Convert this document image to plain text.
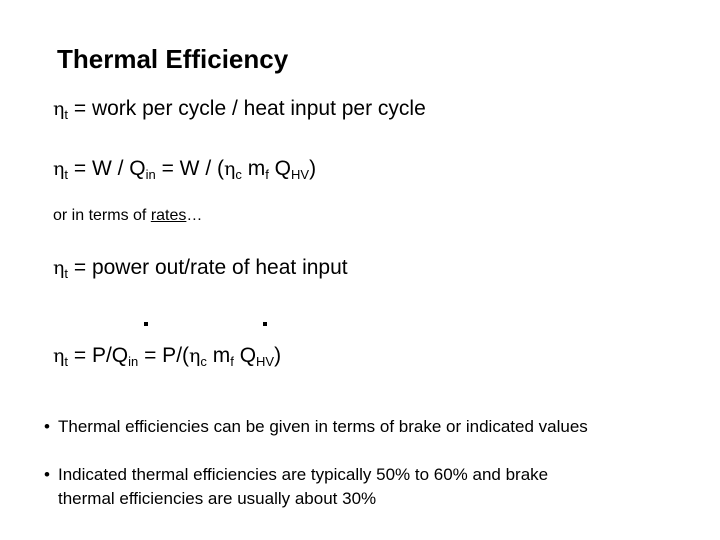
Thermal Efficiency
$\eta_t$ = work per cycle / heat input per cycle
$\eta_t = W / Q_{in} = W / (\eta_c$ $m_f$ $Q_{HV}$)
or in terms of rates…
$\eta_t$ = power out/rate of heat input
$\eta_t = P/Q_{in} = P/(\eta_c$ $m_f$ $Q_{HV}$)
• Thermal efficiencies can be given in terms of brake or indicated values
• Indicated thermal efficiencies are typically 50% to 60% and brake
thermal efficiencies are usually about 30%
